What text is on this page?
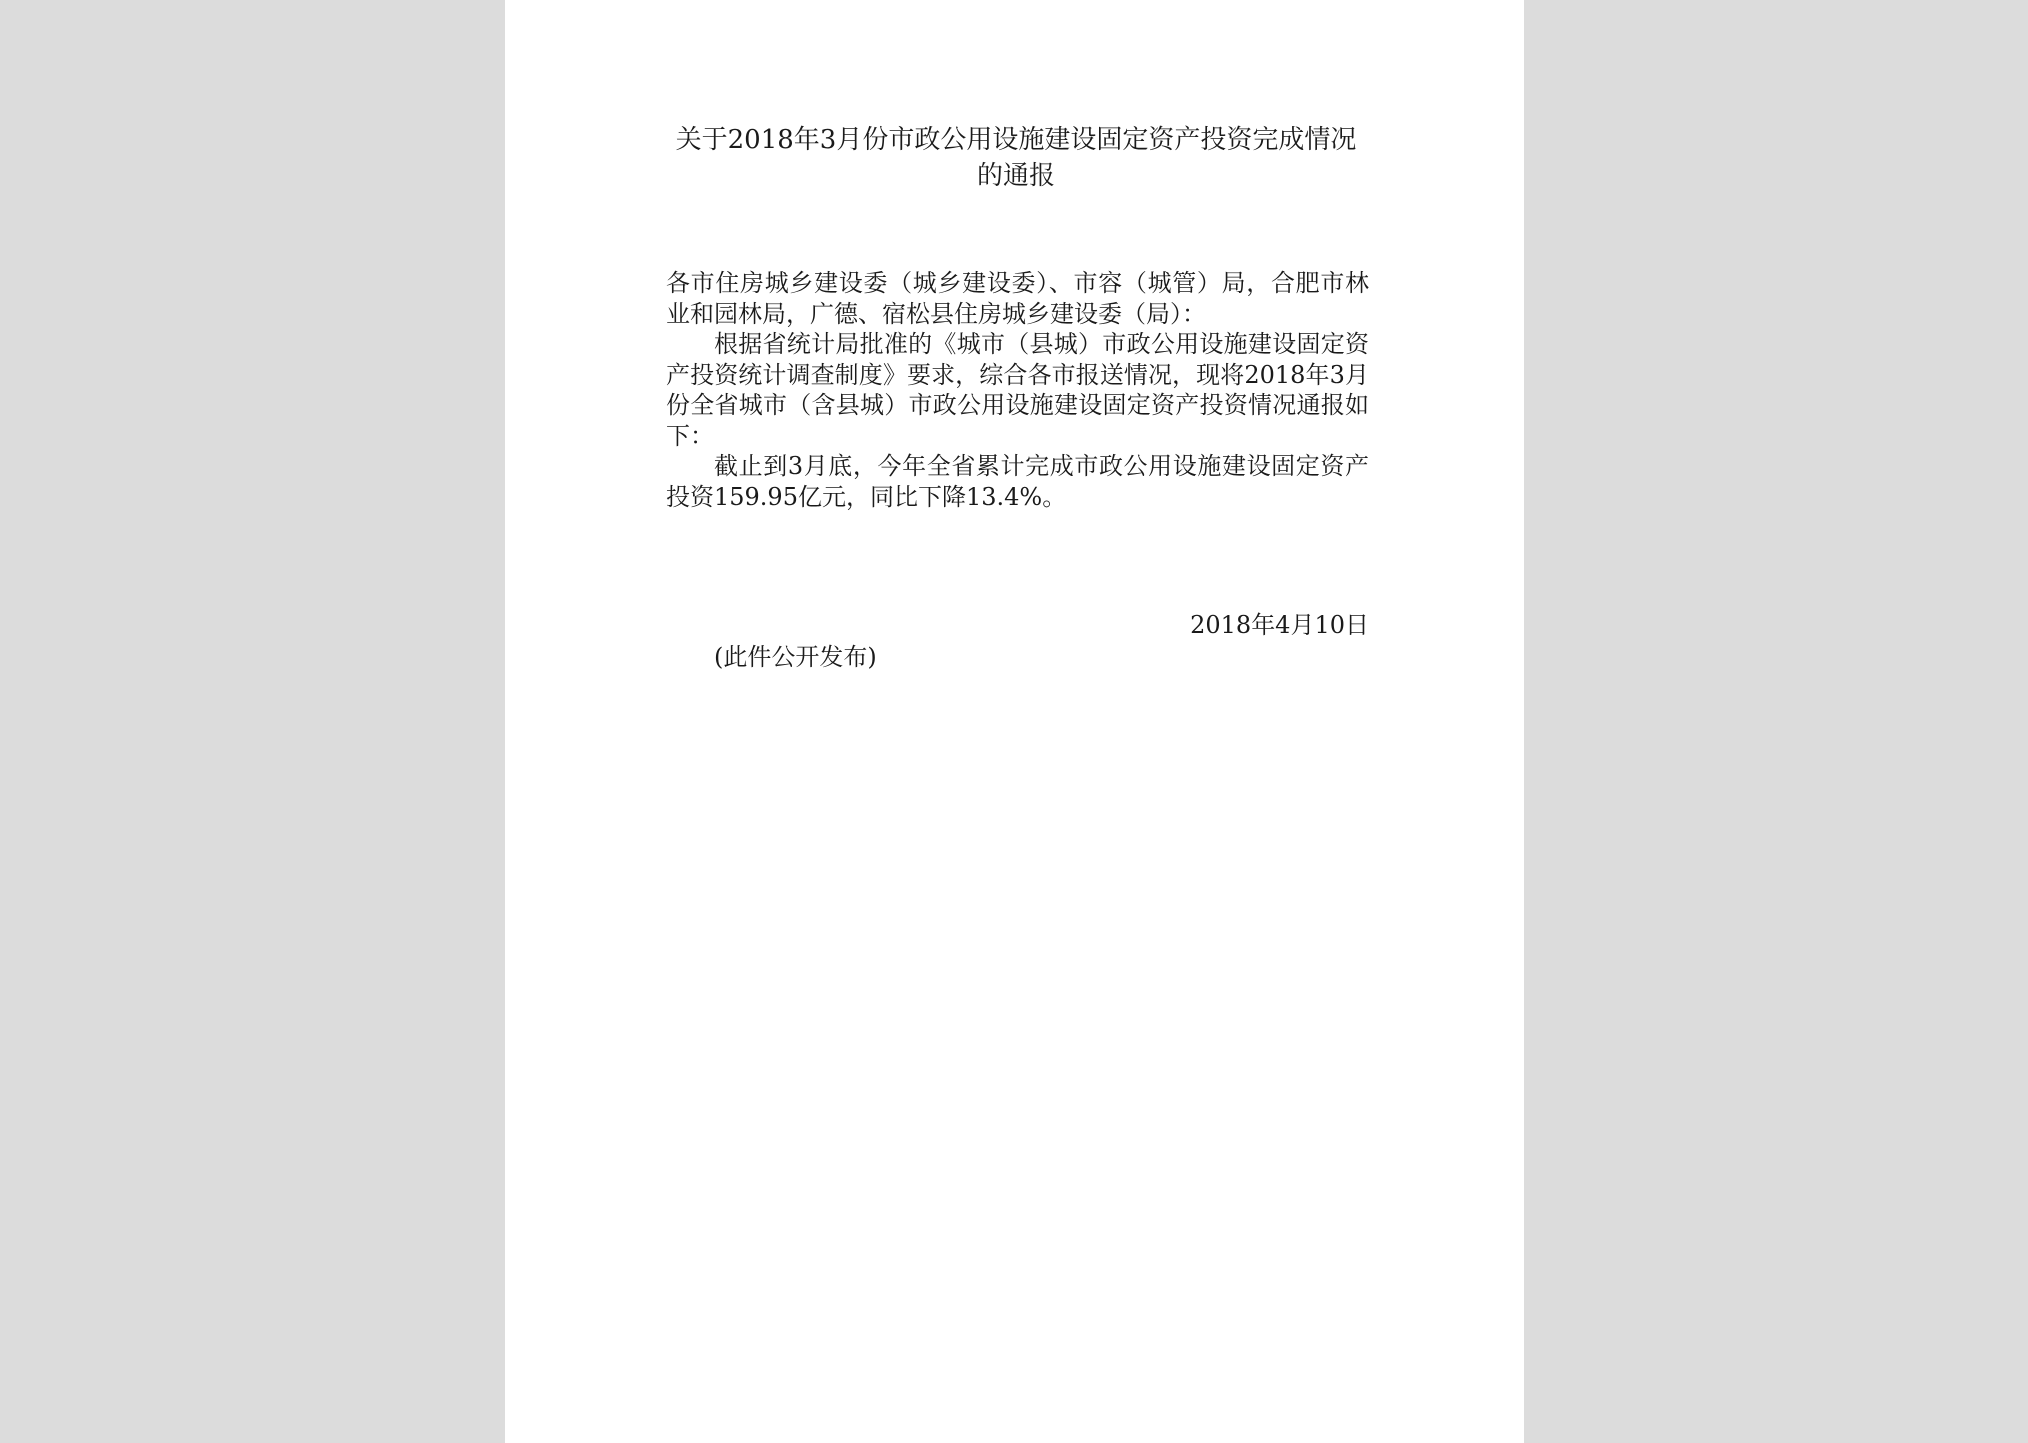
关于2018年3月份市政公用设施建设固定资产投资完成情况的通报

各市住房城乡建设委（城乡建设委）、市容（城管）局，合肥市林业和园林局，广德、宿松县住房城乡建设委（局）：

根据省统计局批准的《城市（县城）市政公用设施建设固定资产投资统计调查制度》要求，综合各市报送情况，现将2018年3月份全省城市（含县城）市政公用设施建设固定资产投资情况通报如下：

截止到3月底，今年全省累计完成市政公用设施建设固定资产投资159.95亿元，同比下降13.4%。

2018年4月10日

(此件公开发布)
